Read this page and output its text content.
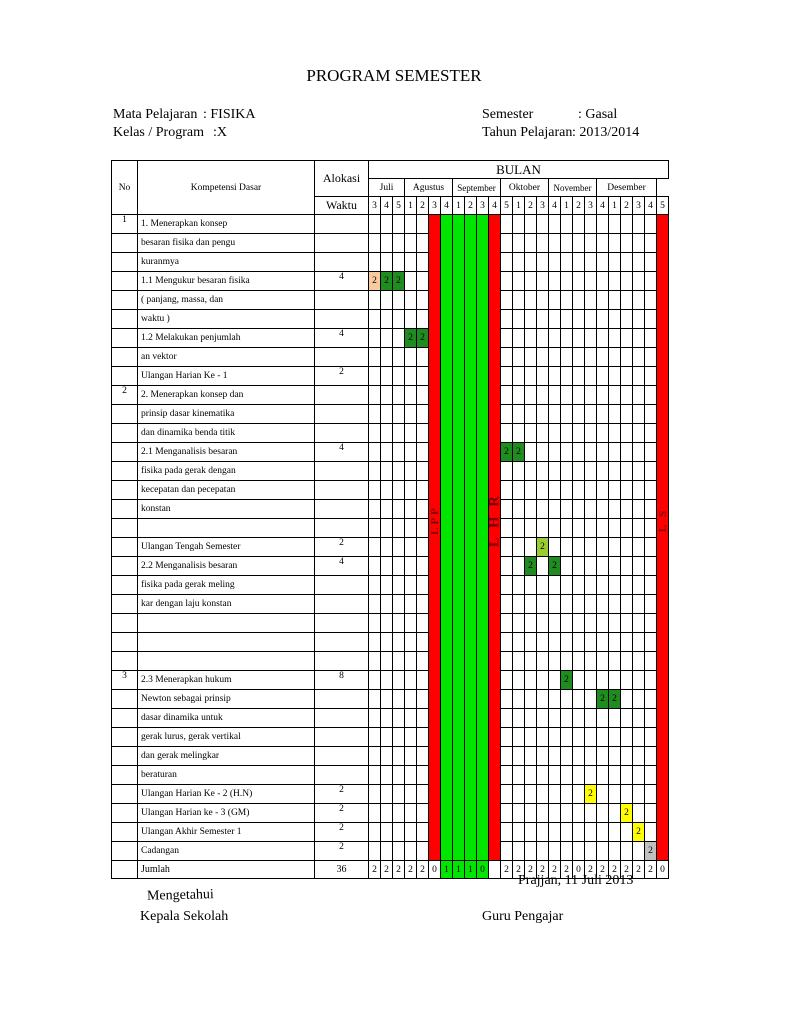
PROGRAM SEMESTER
Mata Pelajaran : FISIKA
Kelas / Program :X
Semester	: Gasal
Tahun Pelajaran : 2013/2014
No	Kompetensi Dasar	Alokasi	BULAN																								
			Juli			Agustus				September				Oktober				November				Desember					
		Waktu	3	4	5	1	2	3	4	1	2	3	4	5	1	2	3	4	1	2	3	4	1	2	3	4	5
1	1. Menerapkan konsep							LPP					L H R														L S

	besaran fisika dan pengu																										
	kuranmya																										
	1.1 Mengukur besaran fisika	4	2	2	2																						
	( panjang, massa, dan																										
	waktu )																										
	1.2 Melakukan penjumlah	4				2	2																				
	an vektor																										
	Ulangan Harian Ke - 1	2																									
2	2. Menerapkan konsep dan																										
	prinsip dasar kinematika																										
	dan dinamika benda titik																										
	2.1 Menganalisis besaran	4												2	2												
	fisika pada gerak dengan																										
	kecepatan dan pecepatan																										
	konstan																										

	Ulangan Tengah Semester	2															2										
	2.2 Menganalisis besaran	4														2		2									
	fisika pada gerak meling																										
	kar dengan laju konstan																										

3	2.3 Menerapkan hukum	8																	2								
	Newton sebagai prinsip																					2	2				
	dasar dinamika untuk																										
	gerak lurus, gerak vertikal																										
	dan gerak melingkar																										
	beraturan																										
	Ulangan Harian Ke - 2 (H.N)	2																			2						
	Ulangan Harian ke - 3 (GM)	2																						2			
	Ulangan Akhir Semester 1	2																							2		
	Cadangan	2																								2	
	Jumlah	36	2	2	2	2	2	0	1	1	1	0		2	2	2	2	2	2	0	2	2	2	2	2	2	0
Prajjan, 11 Juli 2013
Mengetahui
Kepala Sekolah	Guru Pengajar
